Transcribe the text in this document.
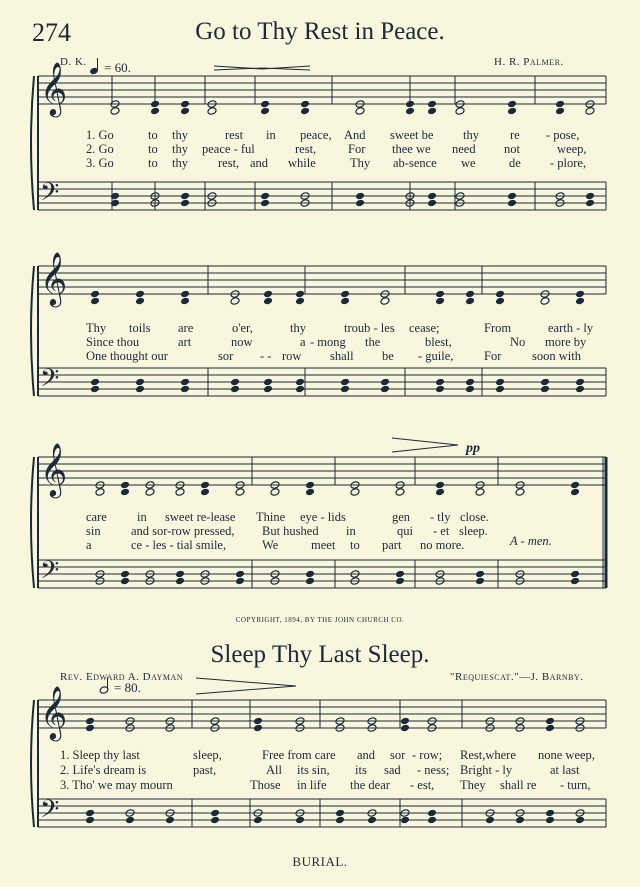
274	Go to Thy Rest in Peace.
D. K.	H. R. Palmer.
= 60.
𝄞
𝄞
𝄞
𝄞
𝄢
𝄢
𝄢
𝄢
1. Go	to thy	rest in peace, And sweet be thy re - pose,
2. Go	to thy peace - ful	rest,	For thee we need not	weep,
3. Go	to thy rest, and while	Thy ab-sence we	de - plore,
Thy toils are	o'er,	thy	troub - les cease;	From	earth - ly
Since thou	art	now	a - mong the	blest,	No more by
One thought our	sor - - row shall be - guile, For soon with
care in sweet re-lease Thine eye - lids	gen - tly close.
sin and sor-row pressed, But hushed in	qui - et sleep.
a	ce - les - tial smile,	We	meet to part no more.
pp
A - men.
COPYRIGHT, 1894, BY THE JOHN CHURCH CO.
Sleep Thy Last Sleep.
Rev. Edward A. Dayman	"Requiescat."—J. Barnby.
= 80.
1. Sleep thy last	sleep,	Free from care and sor - row; Rest,where none weep,
2. Life's dream is	past,	All its sin, its sad - ness; Bright - ly	at last
3. Tho' we may mourn	Those in life the dear - est, They shall re - turn,
BURIAL.
